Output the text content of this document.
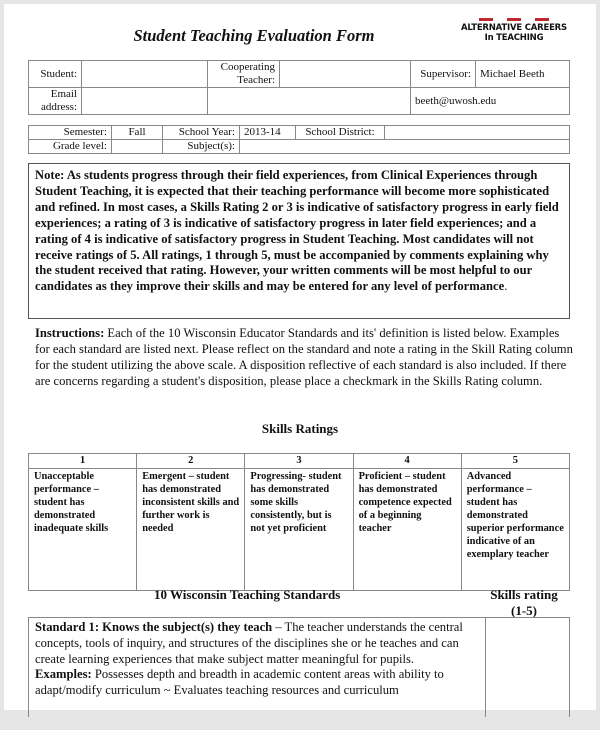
Student Teaching Evaluation Form	ALTERNATIVE CAREERS
In TEACHING
Student:		Cooperating Teacher:		Supervisor:	Michael Beeth
Email address:				beeth@uwosh.edu	
Semester:	Fall	School Year:	2013-14	School District:	
Grade level:		Subject(s):			
Note: As students progress through their field experiences, from Clinical Experiences through Student Teaching, it is expected that their teaching performance will become more sophisticated and refined. In most cases, a Skills Rating 2 or 3 is indicative of satisfactory progress in early field experiences; a rating of 3 is indicative of satisfactory progress in later field experiences; and a rating of 4 is indicative of satisfactory progress in Student Teaching. Most candidates will not receive ratings of 5. All ratings, 1 through 5, must be accompanied by comments explaining why the student received that rating. However, your written comments will be most helpful to our candidates as they improve their skills and may be entered for any level of performance.
Instructions: Each of the 10 Wisconsin Educator Standards and its' definition is listed below. Examples for each standard are listed next. Please reflect on the standard and note a rating in the Skill Rating column for the student utilizing the above scale. A disposition reflective of each standard is also included. If there are concerns regarding a student's disposition, please place a checkmark in the Skills Rating column.
Skills Ratings
1	2	3	4	5
Unacceptable performance – student has demonstrated inadequate skills	Emergent – student has demonstrated inconsistent skills and further work is needed	Progressing- student has demonstrated some skills consistently, but is not yet proficient	Proficient – student has demonstrated competence expected of a beginning teacher	Advanced performance – student has demonstrated superior performance indicative of an exemplary teacher
10 Wisconsin Teaching Standards	Skills rating (1-5)
Standard 1: Knows the subject(s) they teach – The teacher understands the central concepts, tools of inquiry, and structures of the disciplines she or he teaches and can create learning experiences that make subject matter meaningful for pupils.
Examples: Possesses depth and breadth in academic content areas with ability to adapt/modify curriculum ~ Evaluates teaching resources and curriculum
